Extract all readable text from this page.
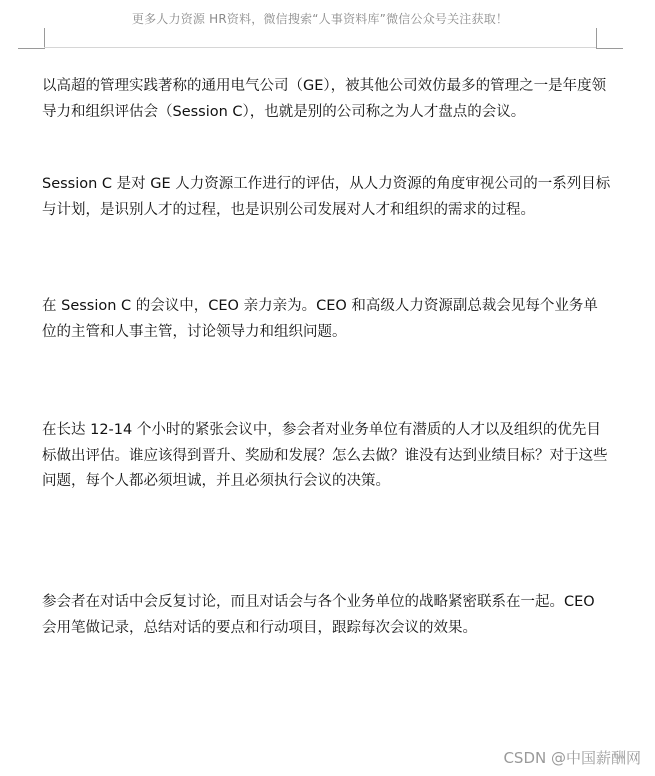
更多人力资源 HR资料，微信搜索“人事资料库”微信公众号关注获取！

以高超的管理实践著称的通用电气公司（GE），被其他公司效仿最多的管理之一是年度领导力和组织评估会（Session C），也就是别的公司称之为人才盘点的会议。

Session C 是对 GE 人力资源工作进行的评估，从人力资源的角度审视公司的一系列目标与计划，是识别人才的过程，也是识别公司发展对人才和组织的需求的过程。

在 Session C 的会议中，CEO 亲力亲为。CEO 和高级人力资源副总裁会见每个业务单位的主管和人事主管，讨论领导力和组织问题。

在长达 12-14 个小时的紧张会议中，参会者对业务单位有潜质的人才以及组织的优先目标做出评估。谁应该得到晋升、奖励和发展？怎么去做？谁没有达到业绩目标？对于这些问题，每个人都必须坦诚，并且必须执行会议的决策。

参会者在对话中会反复讨论，而且对话会与各个业务单位的战略紧密联系在一起。CEO 会用笔做记录，总结对话的要点和行动项目，跟踪每次会议的效果。

CSDN @中国薪酬网
